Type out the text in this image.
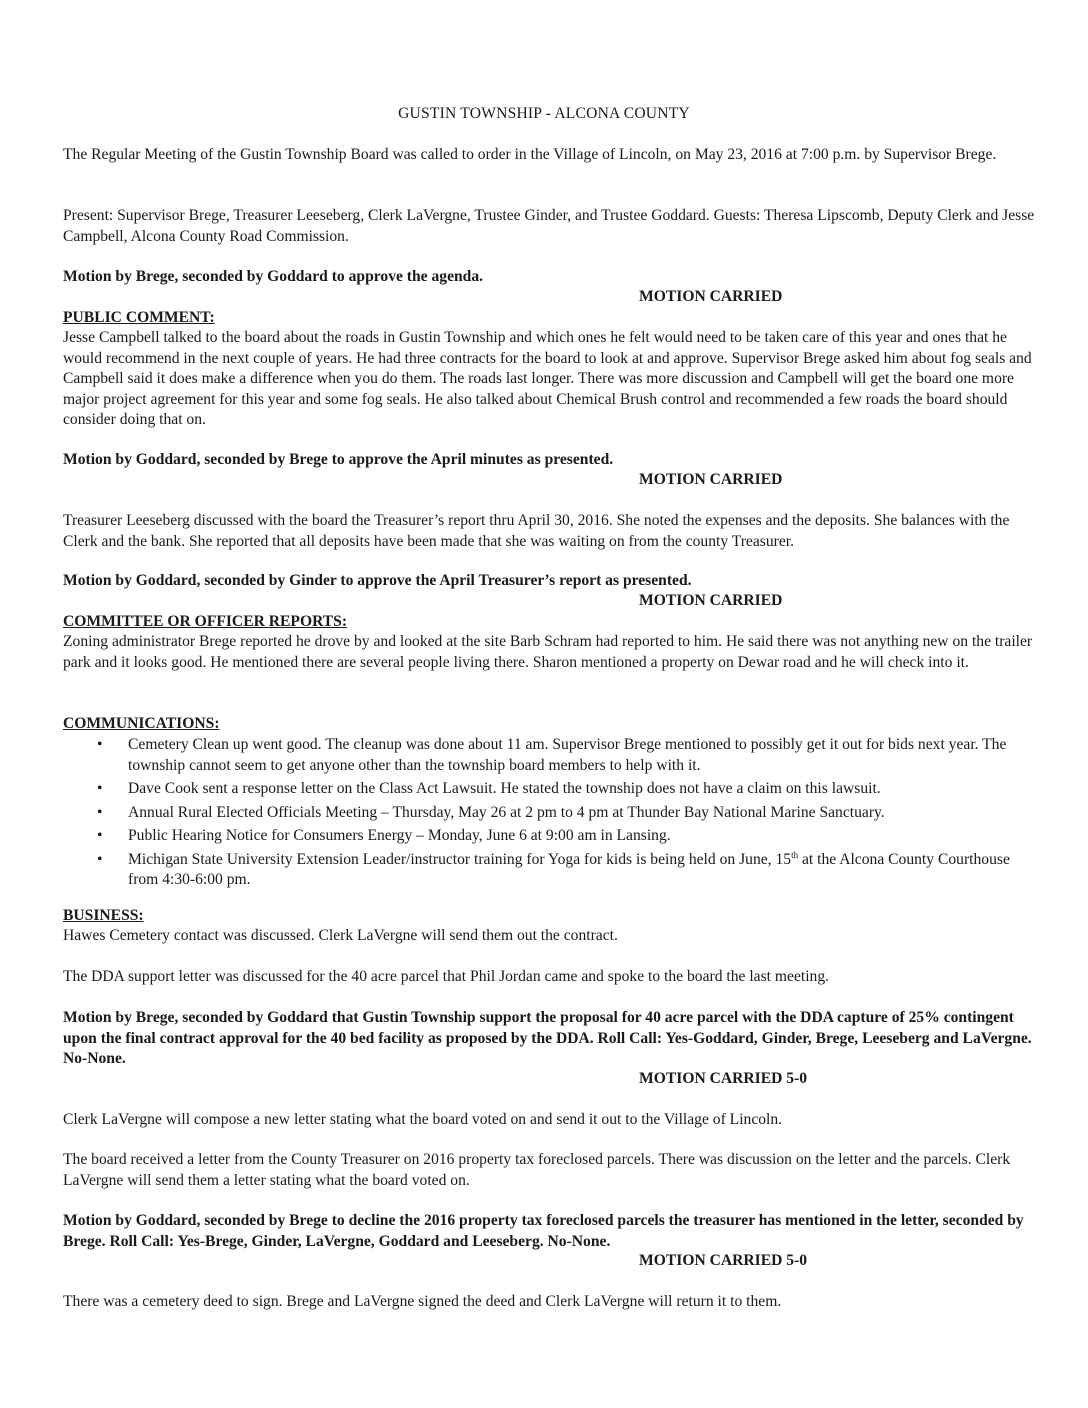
GUSTIN TOWNSHIP - ALCONA COUNTY

The Regular Meeting of the Gustin Township Board was called to order in the Village of Lincoln, on May 23, 2016 at 7:00 p.m. by Supervisor Brege.

Present: Supervisor Brege, Treasurer Leeseberg, Clerk LaVergne, Trustee Ginder, and Trustee Goddard. Guests: Theresa Lipscomb, Deputy Clerk and Jesse Campbell, Alcona County Road Commission.

Motion by Brege, seconded by Goddard to approve the agenda.

MOTION CARRIED

PUBLIC COMMENT:

Jesse Campbell talked to the board about the roads in Gustin Township and which ones he felt would need to be taken care of this year and ones that he would recommend in the next couple of years. He had three contracts for the board to look at and approve. Supervisor Brege asked him about fog seals and Campbell said it does make a difference when you do them. The roads last longer. There was more discussion and Campbell will get the board one more major project agreement for this year and some fog seals. He also talked about Chemical Brush control and recommended a few roads the board should consider doing that on.

Motion by Goddard, seconded by Brege to approve the April minutes as presented.

MOTION CARRIED

Treasurer Leeseberg discussed with the board the Treasurer’s report thru April 30, 2016. She noted the expenses and the deposits. She balances with the Clerk and the bank. She reported that all deposits have been made that she was waiting on from the county Treasurer.

Motion by Goddard, seconded by Ginder to approve the April Treasurer’s report as presented.

MOTION CARRIED

COMMITTEE OR OFFICER REPORTS:

Zoning administrator Brege reported he drove by and looked at the site Barb Schram had reported to him. He said there was not anything new on the trailer park and it looks good. He mentioned there are several people living there. Sharon mentioned a property on Dewar road and he will check into it.

COMMUNICATIONS:

• Cemetery Clean up went good. The cleanup was done about 11 am. Supervisor Brege mentioned to possibly get it out for bids next year. The township cannot seem to get anyone other than the township board members to help with it.
• Dave Cook sent a response letter on the Class Act Lawsuit. He stated the township does not have a claim on this lawsuit.
• Annual Rural Elected Officials Meeting – Thursday, May 26 at 2 pm to 4 pm at Thunder Bay National Marine Sanctuary.
• Public Hearing Notice for Consumers Energy – Monday, June 6 at 9:00 am in Lansing.
• Michigan State University Extension Leader/instructor training for Yoga for kids is being held on June, 15th at the Alcona County Courthouse from 4:30-6:00 pm.

BUSINESS:

Hawes Cemetery contact was discussed. Clerk LaVergne will send them out the contract.

The DDA support letter was discussed for the 40 acre parcel that Phil Jordan came and spoke to the board the last meeting.

Motion by Brege, seconded by Goddard that Gustin Township support the proposal for 40 acre parcel with the DDA capture of 25% contingent upon the final contract approval for the 40 bed facility as proposed by the DDA. Roll Call: Yes-Goddard, Ginder, Brege, Leeseberg and LaVergne. No-None.

MOTION CARRIED 5-0

Clerk LaVergne will compose a new letter stating what the board voted on and send it out to the Village of Lincoln.

The board received a letter from the County Treasurer on 2016 property tax foreclosed parcels. There was discussion on the letter and the parcels. Clerk LaVergne will send them a letter stating what the board voted on.

Motion by Goddard, seconded by Brege to decline the 2016 property tax foreclosed parcels the treasurer has mentioned in the letter, seconded by Brege. Roll Call: Yes-Brege, Ginder, LaVergne, Goddard and Leeseberg. No-None.

MOTION CARRIED 5-0

There was a cemetery deed to sign. Brege and LaVergne signed the deed and Clerk LaVergne will return it to them.
